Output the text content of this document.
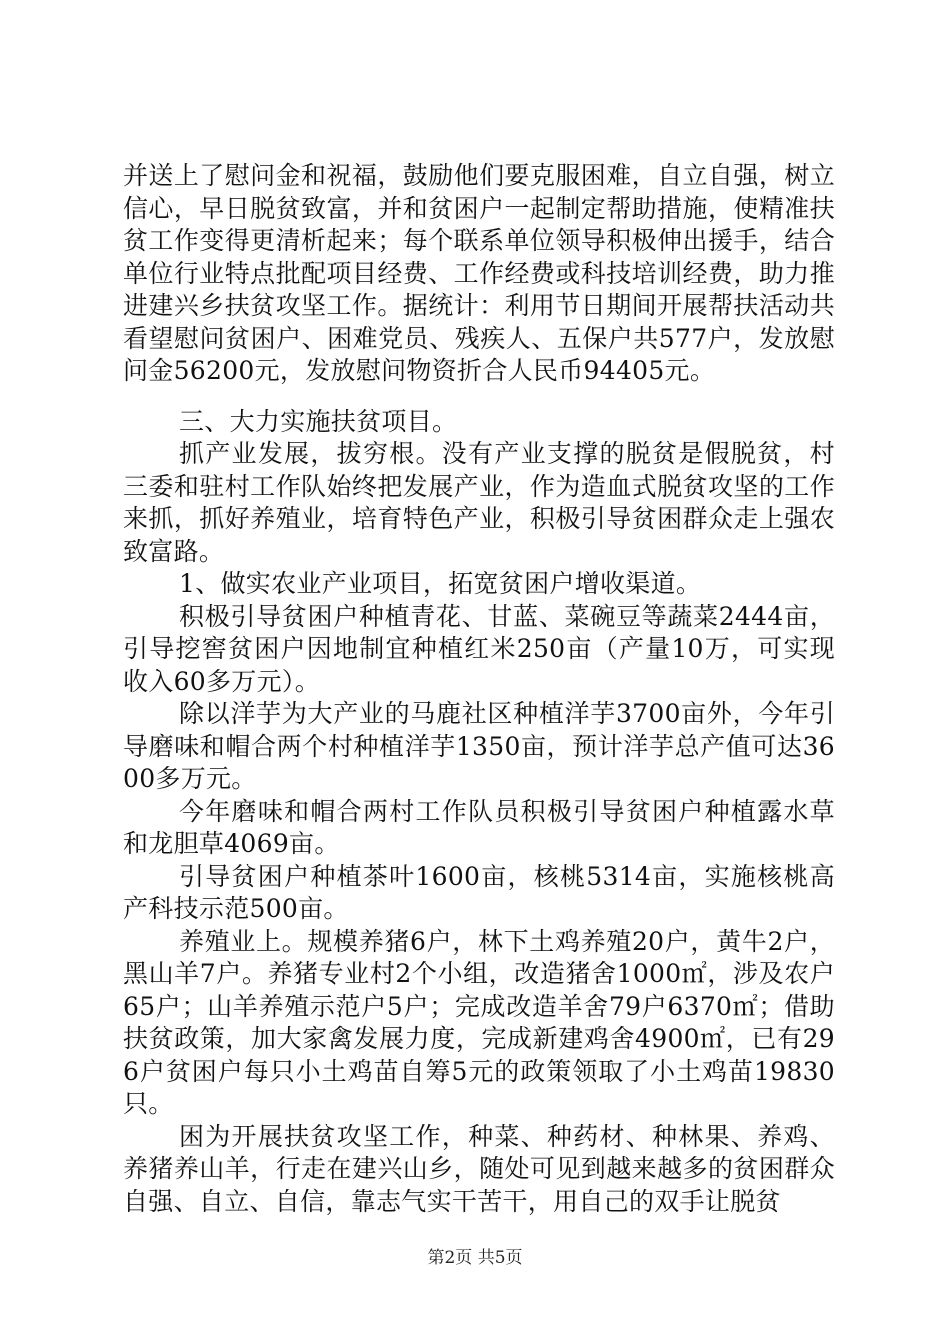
并送上了慰问金和祝福，鼓励他们要克服困难，自立自强，树立信心，早日脱贫致富，并和贫困户一起制定帮助措施，使精准扶贫工作变得更清析起来；每个联系单位领导积极伸出援手，结合单位行业特点批配项目经费、工作经费或科技培训经费，助力推进建兴乡扶贫攻坚工作。据统计：利用节日期间开展帮扶活动共看望慰问贫困户、困难党员、残疾人、五保户共577户，发放慰问金56200元，发放慰问物资折合人民币94405元。

三、大力实施扶贫项目。

抓产业发展，拔穷根。没有产业支撑的脱贫是假脱贫，村三委和驻村工作队始终把发展产业，作为造血式脱贫攻坚的工作来抓，抓好养殖业，培育特色产业，积极引导贫困群众走上强农致富路。

1、做实农业产业项目，拓宽贫困户增收渠道。

积极引导贫困户种植青花、甘蓝、菜碗豆等蔬菜2444亩，引导挖窖贫困户因地制宜种植红米250亩（产量10万，可实现收入60多万元）。

除以洋芋为大产业的马鹿社区种植洋芋3700亩外，今年引导磨味和帽合两个村种植洋芋1350亩，预计洋芋总产值可达3600多万元。

今年磨味和帽合两村工作队员积极引导贫困户种植露水草和龙胆草4069亩。

引导贫困户种植茶叶1600亩，核桃5314亩，实施核桃高产科技示范500亩。

养殖业上。规模养猪6户，林下土鸡养殖20户，黄牛2户，黑山羊7户。养猪专业村2个小组，改造猪舍1000㎡，涉及农户65户；山羊养殖示范户5户；完成改造羊舍79户6370㎡；借助扶贫政策，加大家禽发展力度，完成新建鸡舍4900㎡，已有296户贫困户每只小土鸡苗自筹5元的政策领取了小土鸡苗19830只。

困为开展扶贫攻坚工作，种菜、种药材、种林果、养鸡、养猪养山羊，行走在建兴山乡，随处可见到越来越多的贫困群众自强、自立、自信，靠志气实干苦干，用自己的双手让脱贫

第2页 共5页
